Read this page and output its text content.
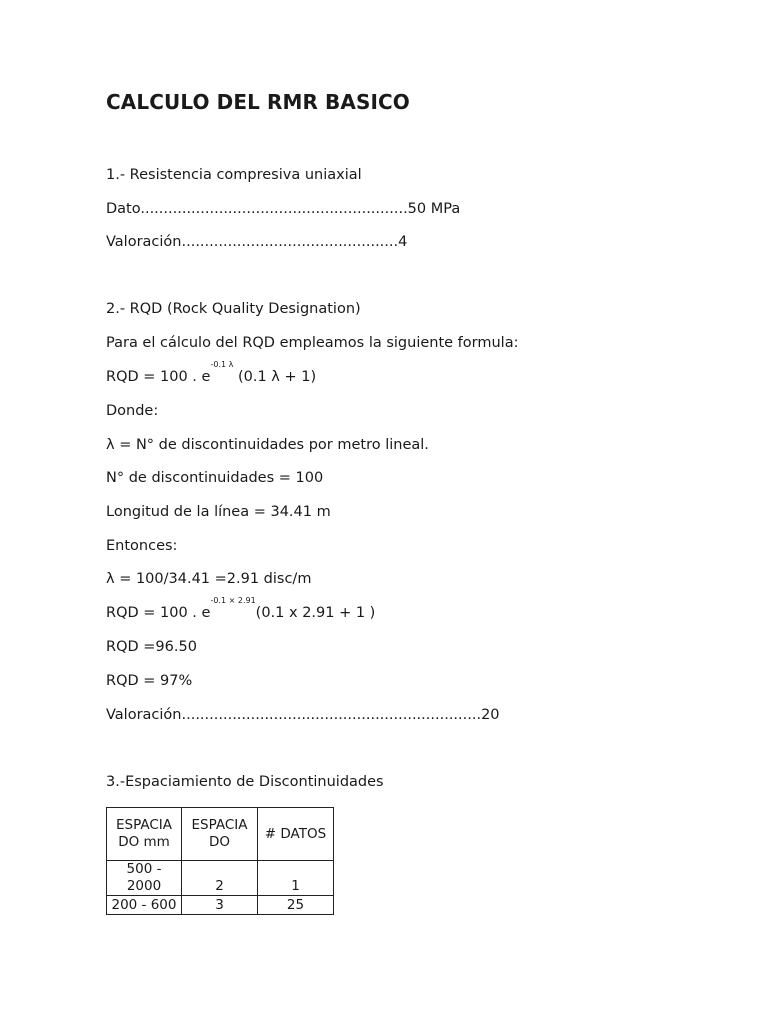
CALCULO DEL RMR BASICO
1.- Resistencia compresiva uniaxial
Dato..........................................................50 MPa
Valoración...............................................4
2.- RQD (Rock Quality Designation)
Para el cálculo del RQD empleamos la siguiente formula:
RQD = 100 . $e^{-0.1 \lambda}$ (0.1 λ + 1)
Donde:
λ = N° de discontinuidades por metro lineal.
N° de discontinuidades = 100
Longitud de la línea = 34.41 m
Entonces:
λ = 100/34.41 =2.91 disc/m
RQD = 100 . $e^{-0.1 \times 2.91}(0.1$ x 2.91 + 1 )
RQD =96.50
RQD = 97%
Valoración.................................................................20
3.-Espaciamiento de Discontinuidades
ESPACIA DO mm	ESPACIA DO	# DATOS
500 - 2000	2	1
200 - 600	3	25
